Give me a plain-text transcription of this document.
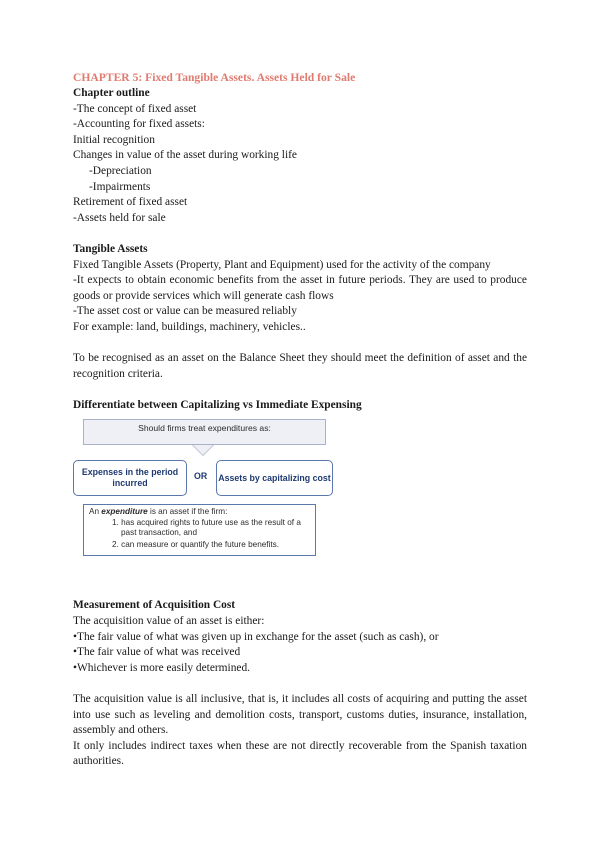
CHAPTER 5: Fixed Tangible Assets. Assets Held for Sale

Chapter outline

-The concept of fixed asset

-Accounting for fixed assets:

Initial recognition

Changes in value of the asset during working life

-Depreciation

-Impairments

Retirement of fixed asset

-Assets held for sale

Tangible Assets

Fixed Tangible Assets (Property, Plant and Equipment) used for the activity of the company

-It expects to obtain economic benefits from the asset in future periods. They are used to produce goods or provide services which will generate cash flows

-The asset cost or value can be measured reliably

For example: land, buildings, machinery, vehicles..

To be recognised as an asset on the Balance Sheet they should meet the definition of asset and the recognition criteria.

Differentiate between Capitalizing vs Immediate Expensing

Should firms treat expenditures as:
Expenses in the period incurred
OR Assets by capitalizing cost
An expenditure is an asset if the firm:
1. has acquired rights to future use as the result of a past transaction, and
2. can measure or quantify the future benefits.

Measurement of Acquisition Cost

The acquisition value of an asset is either:

•The fair value of what was given up in exchange for the asset (such as cash), or

•The fair value of what was received

•Whichever is more easily determined.

The acquisition value is all inclusive, that is, it includes all costs of acquiring and putting the asset into use such as leveling and demolition costs, transport, customs duties, insurance, installation, assembly and others.

It only includes indirect taxes when these are not directly recoverable from the Spanish taxation authorities.
